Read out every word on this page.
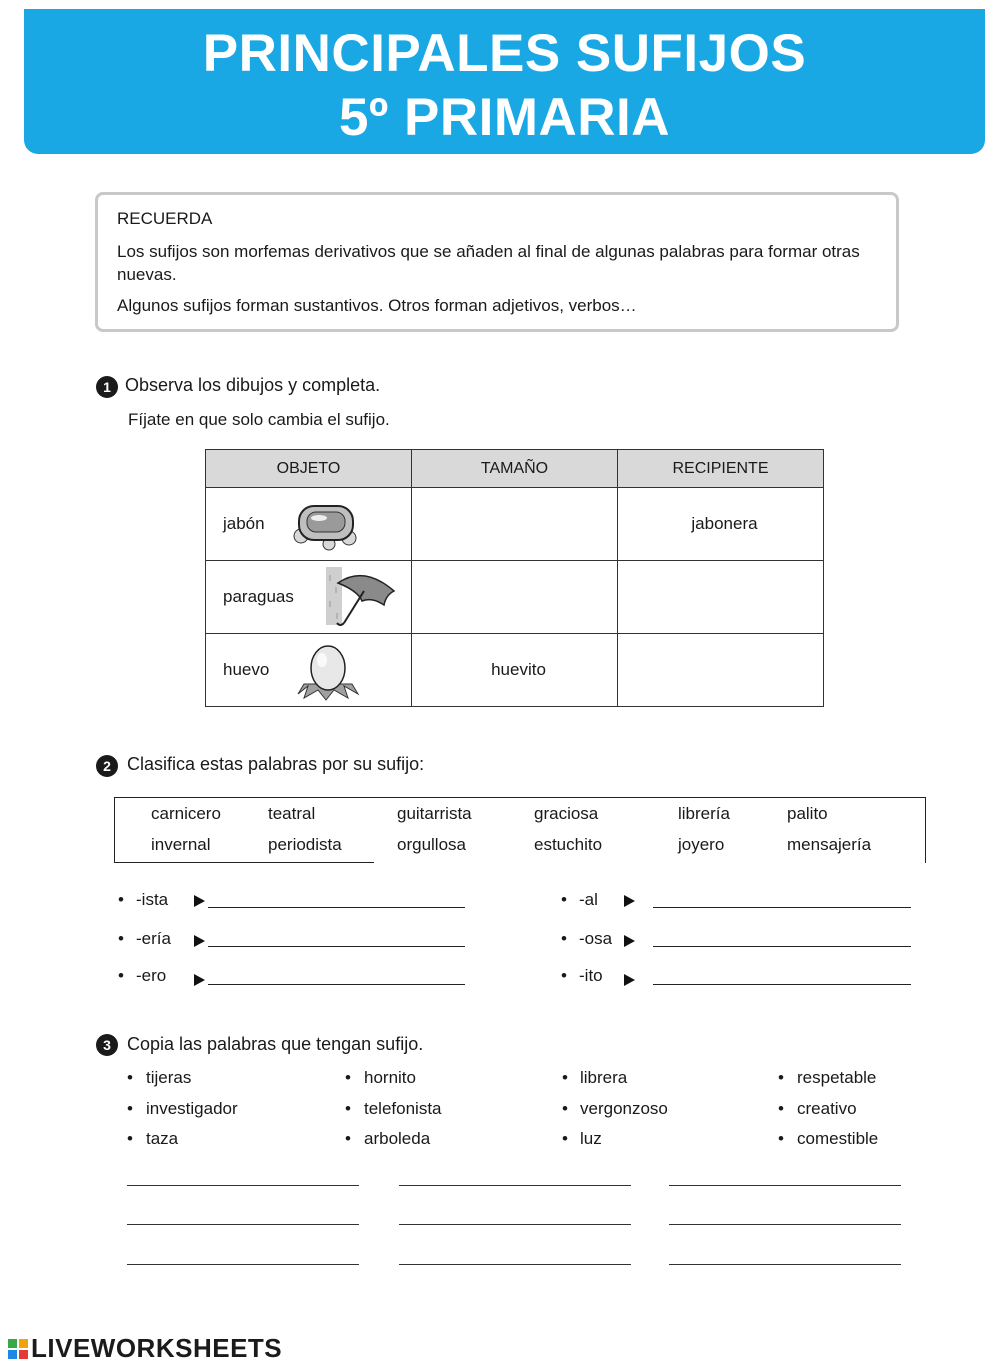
PRINCIPALES SUFIJOS
5º PRIMARIA
RECUERDA
Los sufijos son morfemas derivativos que se añaden al final de algunas palabras para formar otras nuevas.
Algunos sufijos forman sustantivos. Otros forman adjetivos, verbos…
1 Observa los dibujos y completa.
Fíjate en que solo cambia el sufijo.
OBJETO	TAMAÑO	RECIPIENTE

jabón		jabonera

paraguas		

huevo	huevito	
2 Clasifica estas palabras por su sufijo:
carnicero	teatral	guitarrista	graciosa	librería	palito
invernal	periodista	orgullosa	estuchito	joyero	mensajería
• -ista
• -ería
• -ero
• -al
• -osa
• -ito
3 Copia las palabras que tengan sufijo.
• tijeras
• investigador
• taza
• hornito
• telefonista
• arboleda
• librera
• vergonzoso
• luz
• respetable
• creativo
• comestible
LIVEWORKSHEETS
